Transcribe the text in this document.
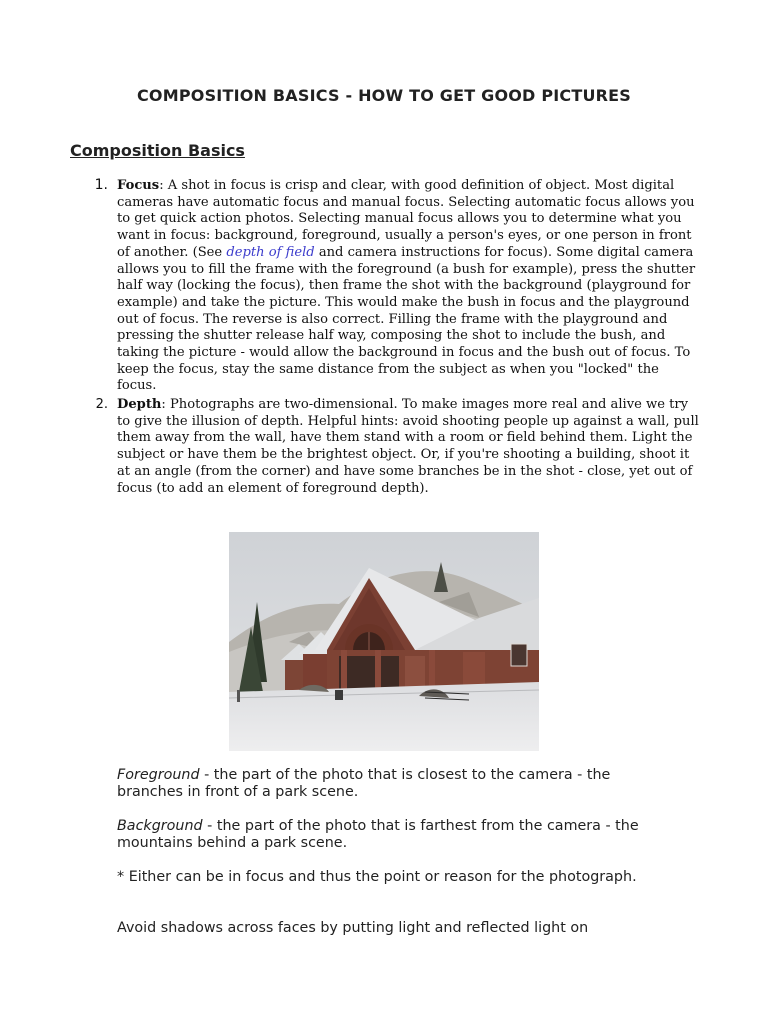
COMPOSITION BASICS - HOW TO GET GOOD PICTURES
Composition Basics
1. Focus: A shot in focus is crisp and clear, with good definition of object. Most digital cameras have automatic focus and manual focus. Selecting automatic focus allows you to get quick action photos. Selecting manual focus allows you to determine what you want in focus: background, foreground, usually a person's eyes, or one person in front of another. (See depth of field and camera instructions for focus). Some digital camera allows you to fill the frame with the foreground (a bush for example), press the shutter half way (locking the focus), then frame the shot with the background (playground for example) and take the picture. This would make the bush in focus and the playground out of focus. The reverse is also correct. Filling the frame with the playground and pressing the shutter release half way, composing the shot to include the bush, and taking the picture - would allow the background in focus and the bush out of focus. To keep the focus, stay the same distance from the subject as when you "locked" the focus.
2. Depth: Photographs are two-dimensional. To make images more real and alive we try to give the illusion of depth. Helpful hints: avoid shooting people up against a wall, pull them away from the wall, have them stand with a room or field behind them. Light the subject or have them be the brightest object. Or, if you're shooting a building, shoot it at an angle (from the corner) and have some branches be in the shot - close, yet out of focus (to add an element of foreground depth).
Foreground - the part of the photo that is closest to the camera - the branches in front of a park scene.
Background - the part of the photo that is farthest from the camera - the mountains behind a park scene.
* Either can be in focus and thus the point or reason for the photograph.
Avoid shadows across faces by putting light and reflected light on
